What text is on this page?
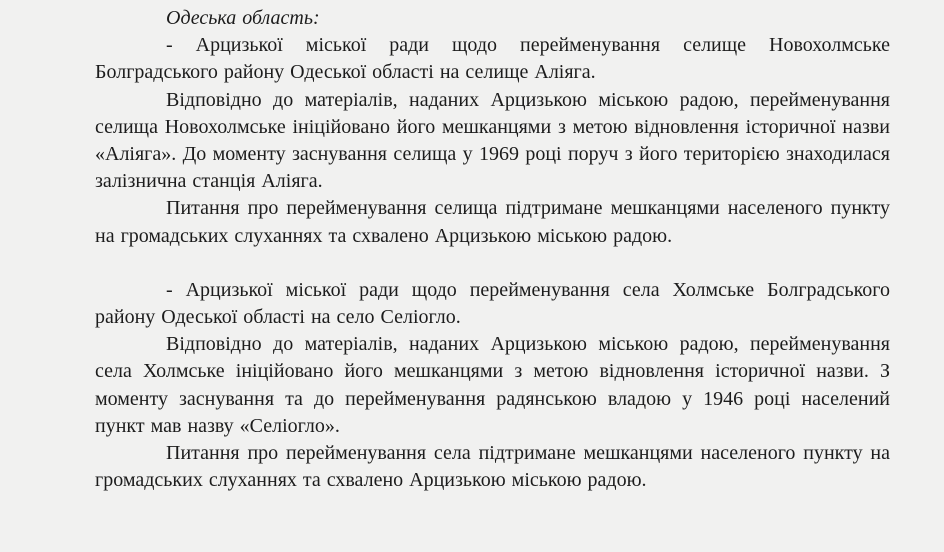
Одеська область:

- Арцизької міської ради щодо перейменування селище Новохолмське Болградського району Одеської області на селище Аліяга.

Відповідно до матеріалів, наданих Арцизькою міською радою, перейменування селища Новохолмське ініційовано його мешканцями з метою відновлення історичної назви «Аліяга». До моменту заснування селища у 1969 році поруч з його територією знаходилася залізнична станція Аліяга.

Питання про перейменування селища підтримане мешканцями населеного пункту на громадських слуханнях та схвалено Арцизькою міською радою.

- Арцизької міської ради щодо перейменування села Холмське Болградського району Одеської області на село Селіогло.

Відповідно до матеріалів, наданих Арцизькою міською радою, перейменування села Холмське ініційовано його мешканцями з метою відновлення історичної назви. З моменту заснування та до перейменування радянською владою у 1946 році населений пункт мав назву «Селіогло».

Питання про перейменування села підтримане мешканцями населеного пункту на громадських слуханнях та схвалено Арцизькою міською радою.
